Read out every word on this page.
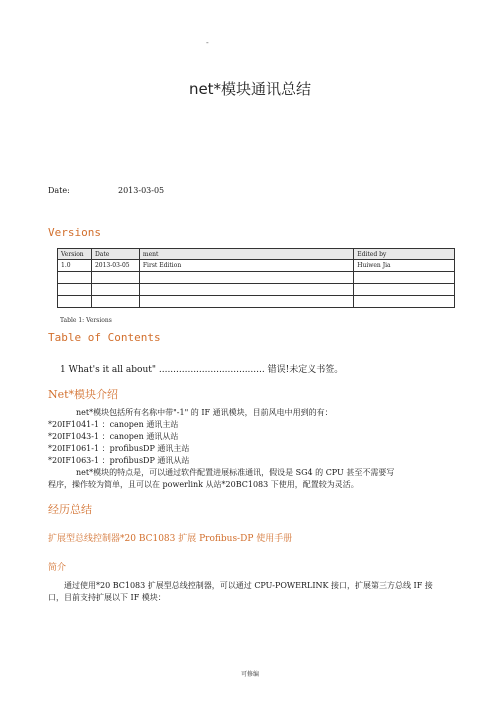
-
net*模块通讯总结
Date:	2013-03-05
Versions
Version	Date	ment	Edited by
1.0	2013-03-05	First Edition	Huiwen Jia

Table 1: Versions
Table of Contents
1 What's it all about" ..................................... 错误!未定义书签。
Net*模块介绍
net*模块包括所有名称中带"-1" 的 IF 通讯模块，目前风电中用到的有：
*20IF1041-1 ：canopen 通讯主站
*20IF1043-1 ：canopen 通讯从站
*20IF1061-1 ：profibusDP 通讯主站
*20IF1063-1 ：profibusDP 通讯从站
net*模块的特点是，可以通过软件配置进展标准通讯，假设是 SG4 的 CPU 甚至不需要写
程序，操作较为简单，且可以在 powerlink 从站*20BC1083 下使用，配置较为灵活。
经历总结
扩展型总线控制器*20 BC1083 扩展 Profibus-DP 使用手册
简介
通过使用*20 BC1083 扩展型总线控制器，可以通过 CPU-POWERLINK 接口，扩展第三方总线 IF 接
口，目前支持扩展以下 IF 模块：
可修编
